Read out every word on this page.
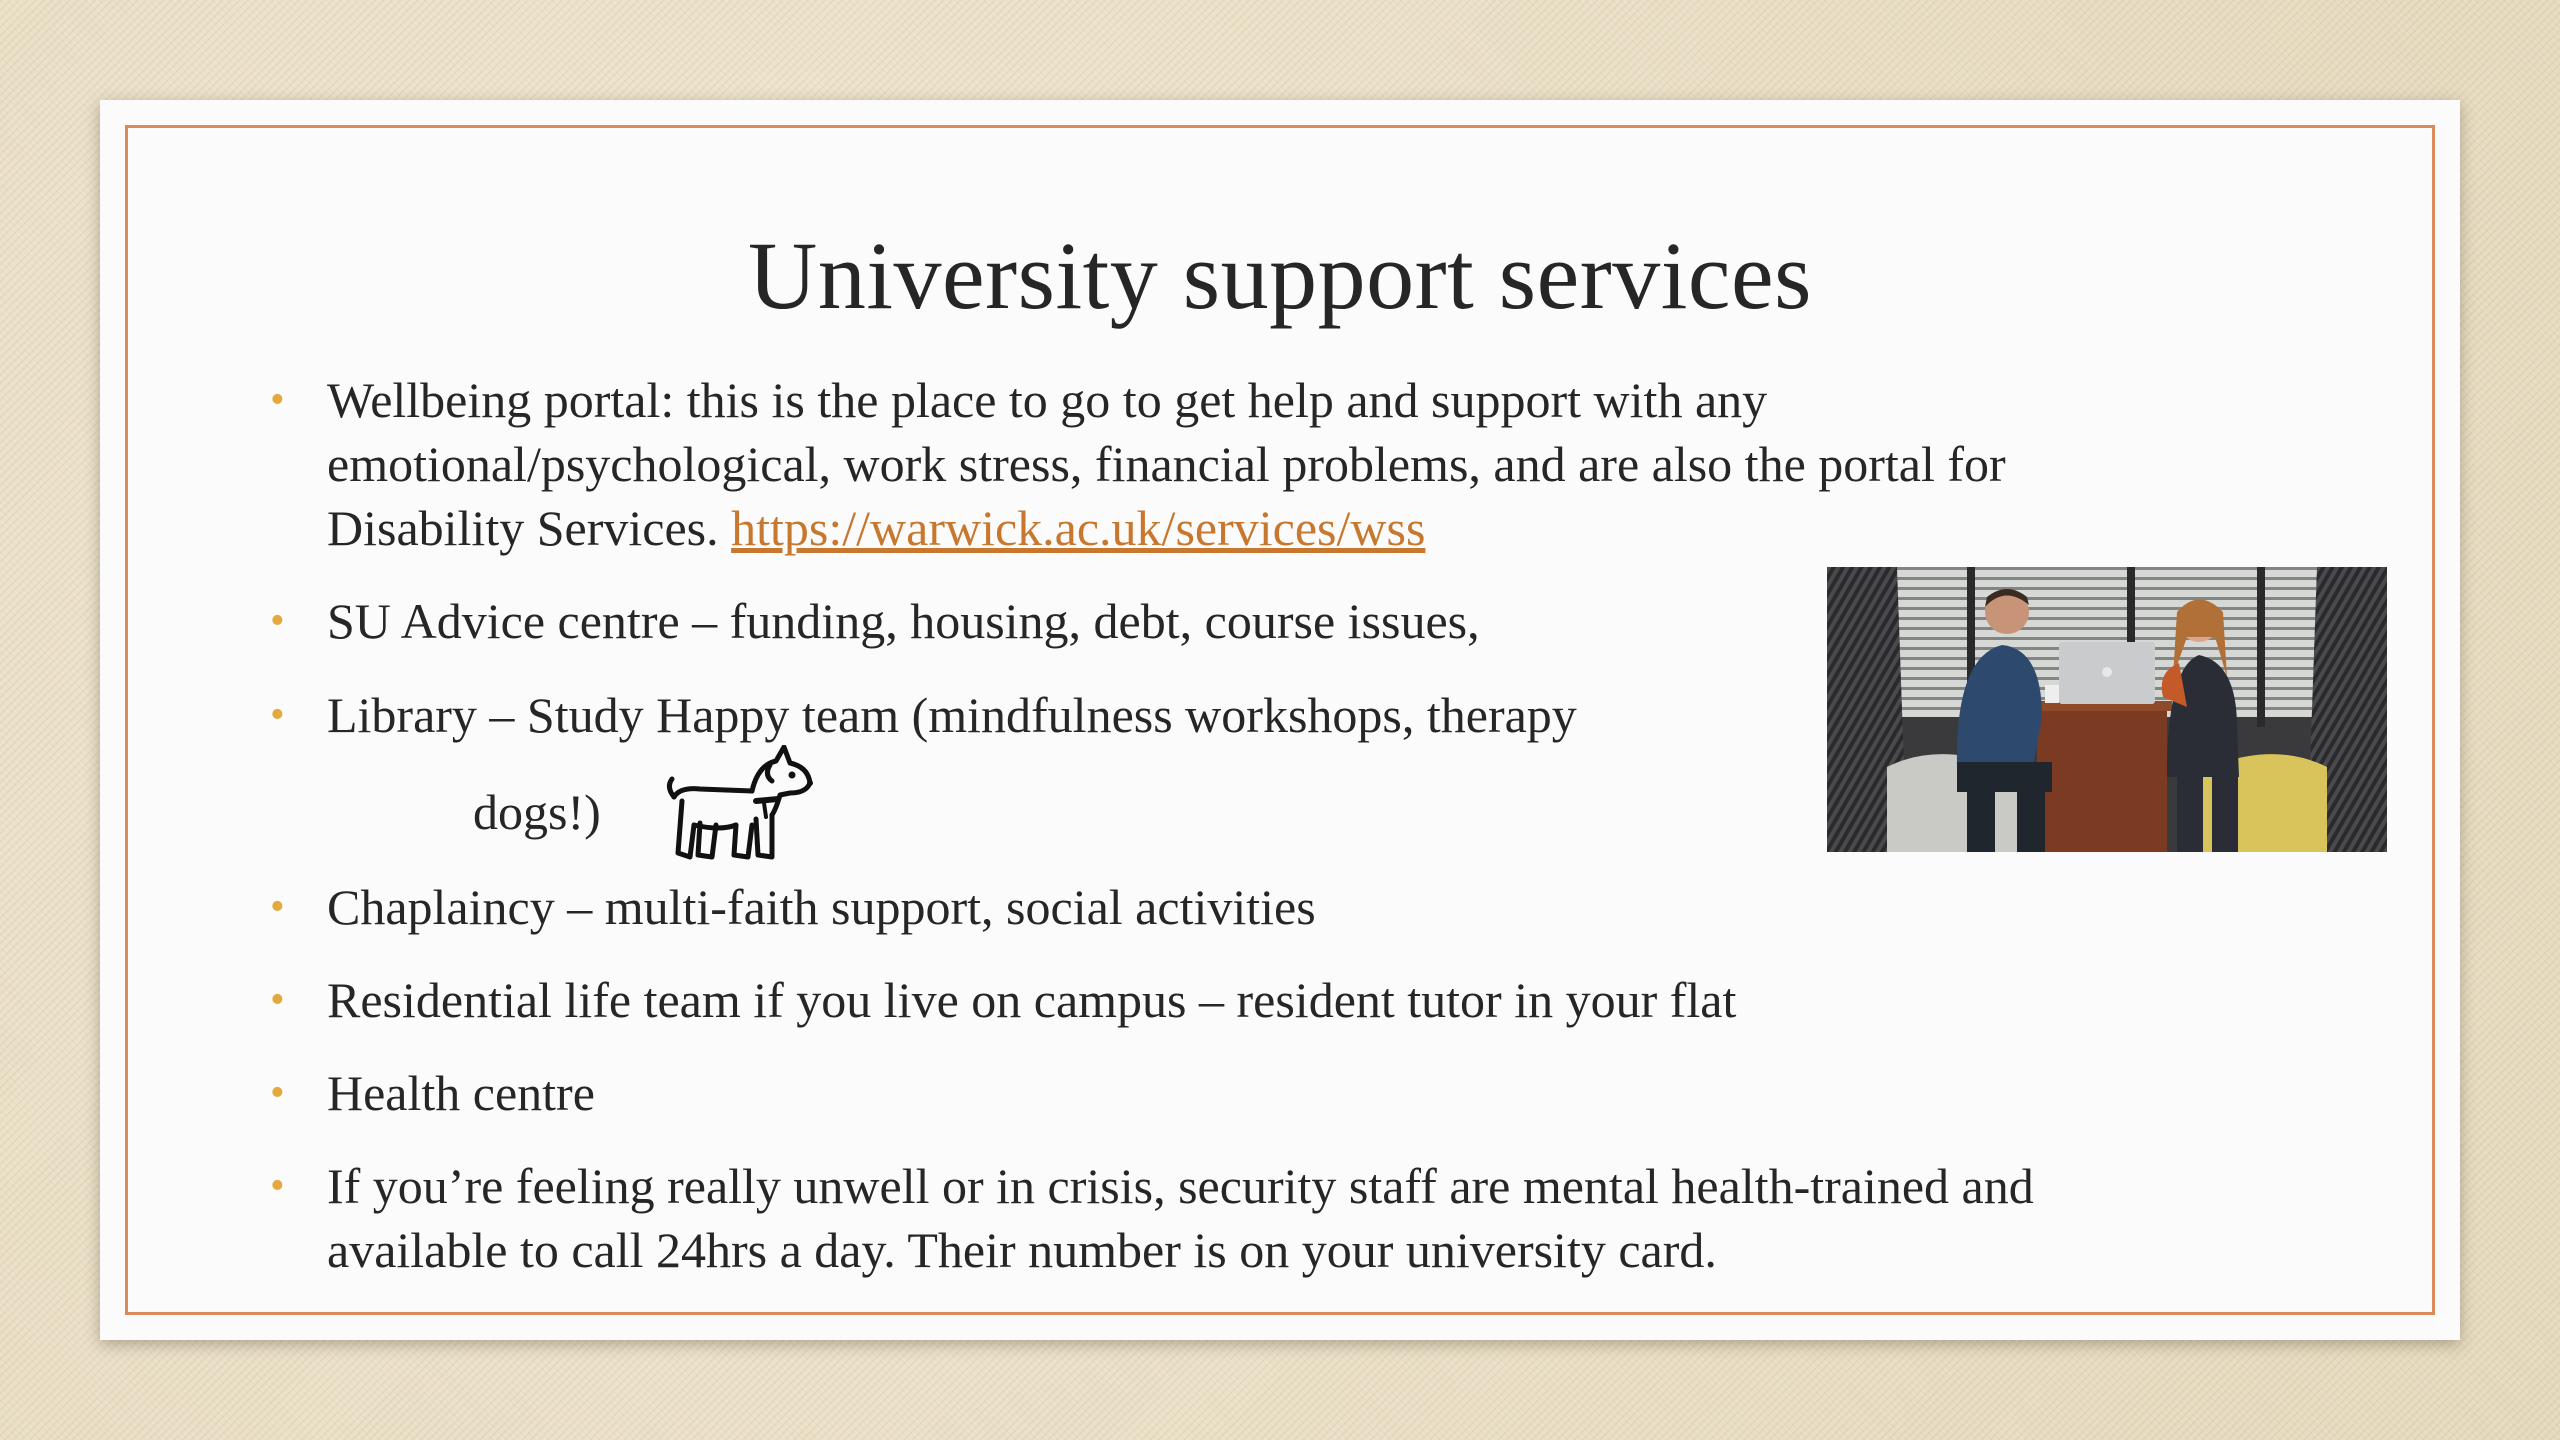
University support services
• Wellbeing portal: this is the place to go to get help and support with any
emotional/psychological, work stress, financial problems, and are also the portal for
Disability Services. https://warwick.ac.uk/services/wss
• SU Advice centre – funding, housing, debt, course issues,
• Library – Study Happy team (mindfulness workshops, therapy
dogs!)
• Chaplaincy – multi-faith support, social activities
• Residential life team if you live on campus – resident tutor in your flat
• Health centre
• If you’re feeling really unwell or in crisis, security staff are mental health-trained and
available to call 24hrs a day. Their number is on your university card.
